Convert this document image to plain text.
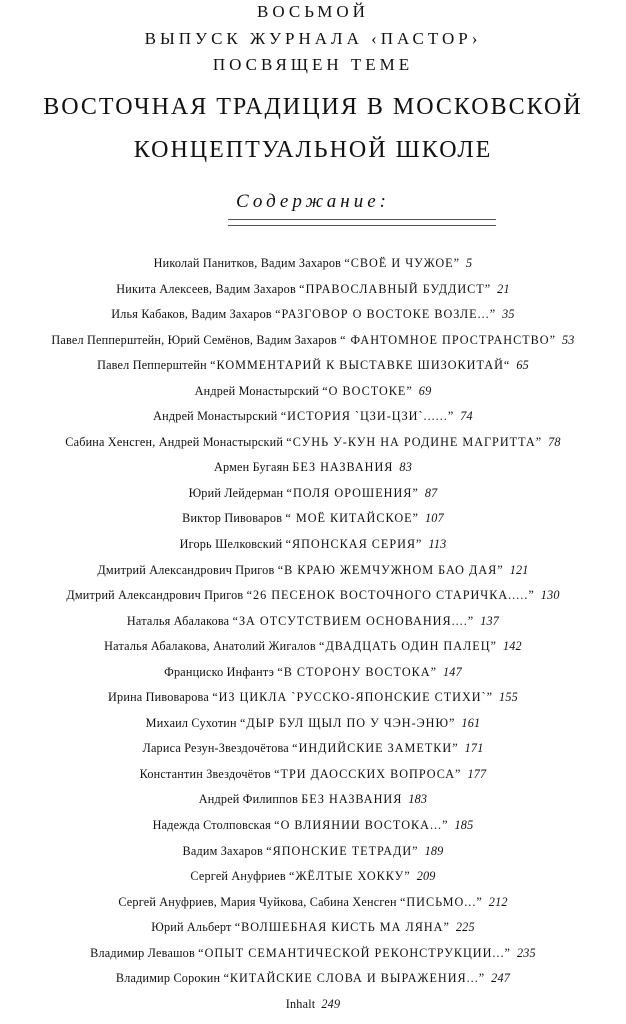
ВОСЬМОЙ
ВЫПУСК ЖУРНАЛА ‹ПАСТОР›
ПОСВЯЩЕН ТЕМЕ
ВОСТОЧНАЯ ТРАДИЦИЯ В МОСКОВСКОЙ
КОНЦЕПТУАЛЬНОЙ ШКОЛЕ
Содержание:
Николай Панитков, Вадим Захаров “СВОЁ И ЧУЖОЕ” 5
Никита Алексеев, Вадим Захаров “ПРАВОСЛАВНЫЙ БУДДИСТ” 21
Илья Кабаков, Вадим Захаров “РАЗГОВОР О ВОСТОКЕ ВОЗЛЕ...” 35
Павел Пепперштейн, Юрий Семёнов, Вадим Захаров “ ФАНТОМНОЕ ПРОСТРАНСТВО” 53
Павел Пепперштейн “КОММЕНТАРИЙ К ВЫСТАВКЕ ШИЗОКИТАЙ“ 65
Андрей Монастырский “О ВОСТОКЕ” 69
Андрей Монастырский “ИСТОРИЯ `ЦЗИ-ЦЗИ`......” 74
Сабина Хенсген, Андрей Монастырский “СУНЬ У-КУН НА РОДИНЕ МАГРИТТА” 78
Армен Бугаян БЕЗ НАЗВАНИЯ 83
Юрий Лейдерман “ПОЛЯ ОРОШЕНИЯ” 87
Виктор Пивоваров “ МОЁ КИТАЙСКОЕ” 107
Игорь Шелковский “ЯПОНСКАЯ СЕРИЯ” 113
Дмитрий Александрович Пригов “В КРАЮ ЖЕМЧУЖНОМ БАО ДАЯ” 121
Дмитрий Александрович Пригов “26 ПЕСЕНОК ВОСТОЧНОГО СТАРИЧКА.....” 130
Наталья Абалакова “ЗА ОТСУТСТВИЕМ ОСНОВАНИЯ....” 137
Наталья Абалакова, Анатолий Жигалов “ДВАДЦАТЬ ОДИН ПАЛЕЦ” 142
Франциско Инфантэ “В СТОРОНУ ВОСТОКА” 147
Ирина Пивоварова “ИЗ ЦИКЛА `РУССКО-ЯПОНСКИЕ СТИХИ`” 155
Михаил Сухотин “ДЫР БУЛ ЩЫЛ ПО У ЧЭН-ЭНЮ” 161
Лариса Резун-Звездочётова “ИНДИЙСКИЕ ЗАМЕТКИ” 171
Константин Звездочётов “ТРИ ДАОССКИХ ВОПРОСА” 177
Андрей Филиппов БЕЗ НАЗВАНИЯ 183
Надежда Столповская “О ВЛИЯНИИ ВОСТОКА...” 185
Вадим Захаров “ЯПОНСКИЕ ТЕТРАДИ” 189
Сергей Ануфриев “ЖЁЛТЫЕ ХОККУ” 209
Сергей Ануфриев, Мария Чуйкова, Сабина Хенсген “ПИСЬМО...” 212
Юрий Альберт “ВОЛШЕБНАЯ КИСТЬ МА ЛЯНА” 225
Владимир Левашов “ОПЫТ СЕМАНТИЧЕСКОЙ РЕКОНСТРУКЦИИ...” 235
Владимир Сорокин “КИТАЙСКИЕ СЛОВА И ВЫРАЖЕНИЯ...” 247
Inhalt 249
